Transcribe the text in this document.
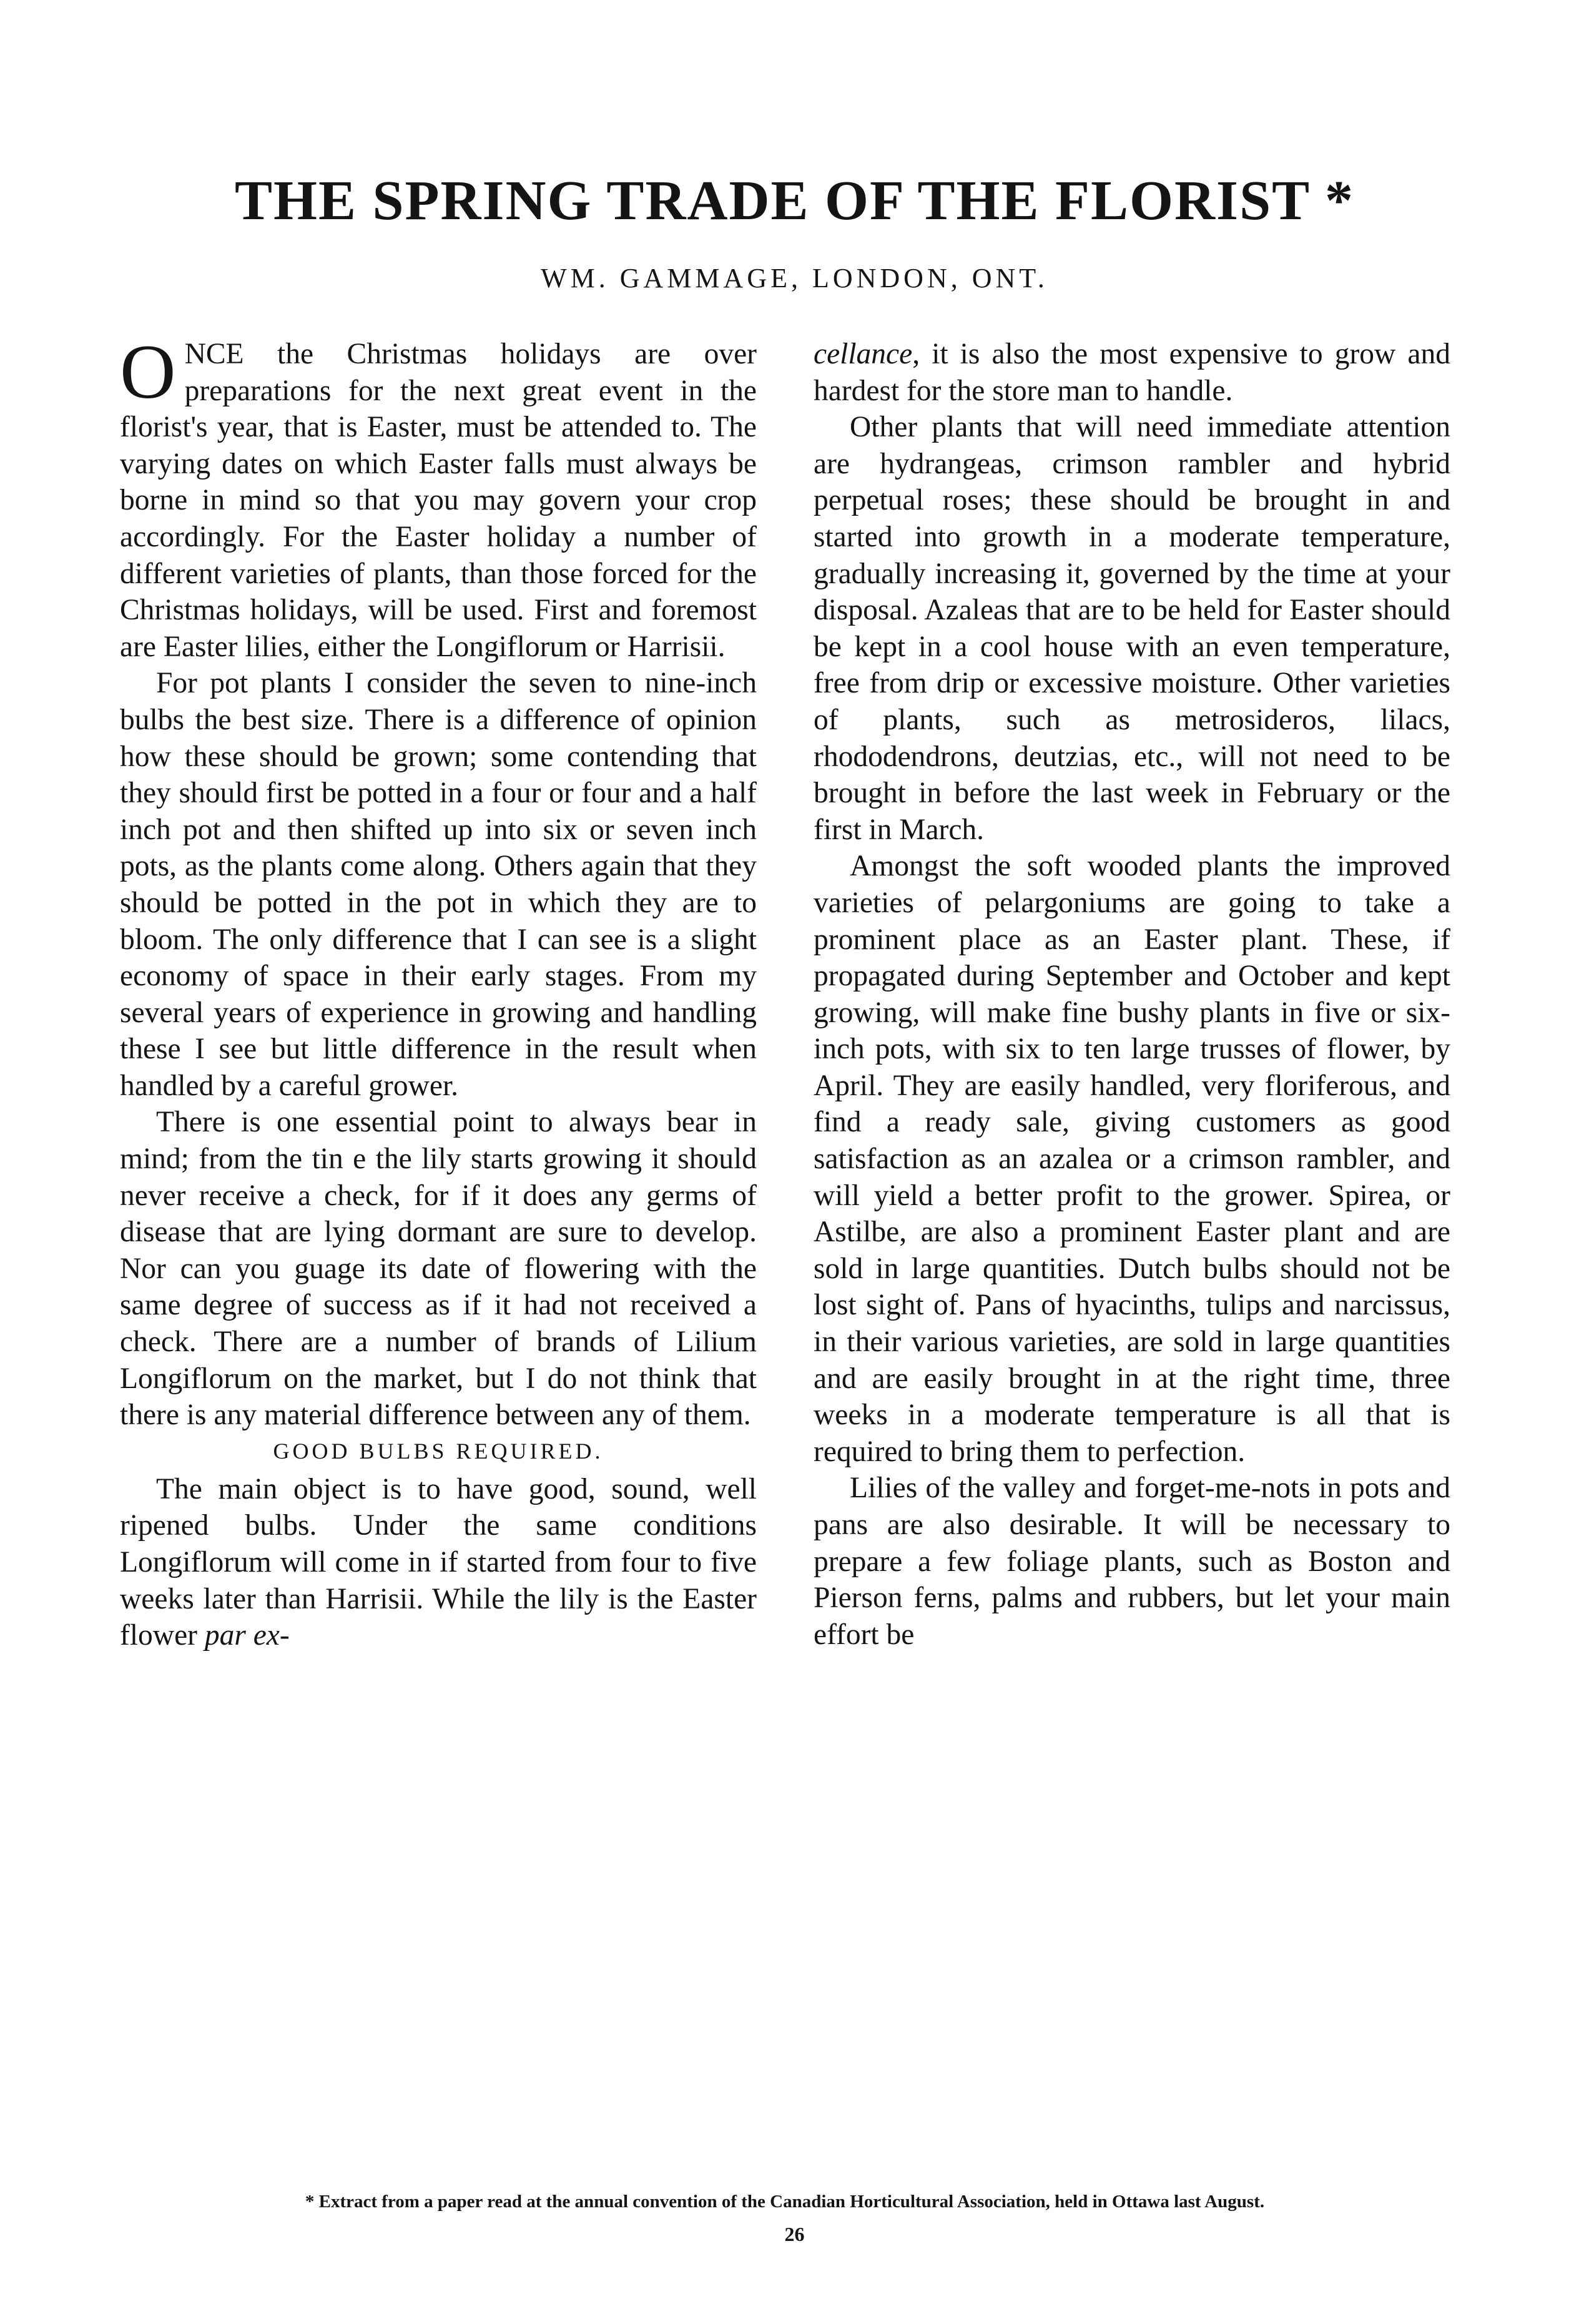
THE SPRING TRADE OF THE FLORIST *

WM. GAMMAGE, LONDON, ONT.

ONCE the Christmas holidays are over preparations for the next great event in the florist's year, that is Easter, must be attended to. The varying dates on which Easter falls must always be borne in mind so that you may govern your crop accordingly. For the Easter holiday a number of different varieties of plants, than those forced for the Christmas holidays, will be used. First and foremost are Easter lilies, either the Longiflorum or Harrisii.

For pot plants I consider the seven to nine-inch bulbs the best size. There is a difference of opinion how these should be grown; some contending that they should first be potted in a four or four and a half inch pot and then shifted up into six or seven inch pots, as the plants come along. Others again that they should be potted in the pot in which they are to bloom. The only difference that I can see is a slight economy of space in their early stages. From my several years of experience in growing and handling these I see but little difference in the result when handled by a careful grower.

There is one essential point to always bear in mind; from the tin e the lily starts growing it should never receive a check, for if it does any germs of disease that are lying dormant are sure to develop. Nor can you guage its date of flowering with the same degree of success as if it had not received a check. There are a number of brands of Lilium Longiflorum on the market, but I do not think that there is any material difference between any of them.

GOOD BULBS REQUIRED.

The main object is to have good, sound, well ripened bulbs. Under the same conditions Longiflorum will come in if started from four to five weeks later than Harrisii. While the lily is the Easter flower par ex-

cellance, it is also the most expensive to grow and hardest for the store man to handle.

Other plants that will need immediate attention are hydrangeas, crimson rambler and hybrid perpetual roses; these should be brought in and started into growth in a moderate temperature, gradually increasing it, governed by the time at your disposal. Azaleas that are to be held for Easter should be kept in a cool house with an even temperature, free from drip or excessive moisture. Other varieties of plants, such as metrosideros, lilacs, rhododendrons, deutzias, etc., will not need to be brought in before the last week in February or the first in March.

Amongst the soft wooded plants the improved varieties of pelargoniums are going to take a prominent place as an Easter plant. These, if propagated during September and October and kept growing, will make fine bushy plants in five or six-inch pots, with six to ten large trusses of flower, by April. They are easily handled, very floriferous, and find a ready sale, giving customers as good satisfaction as an azalea or a crimson rambler, and will yield a better profit to the grower. Spirea, or Astilbe, are also a prominent Easter plant and are sold in large quantities. Dutch bulbs should not be lost sight of. Pans of hyacinths, tulips and narcissus, in their various varieties, are sold in large quantities and are easily brought in at the right time, three weeks in a moderate temperature is all that is required to bring them to perfection.

Lilies of the valley and forget-me-nots in pots and pans are also desirable. It will be necessary to prepare a few foliage plants, such as Boston and Pierson ferns, palms and rubbers, but let your main effort be

* Extract from a paper read at the annual convention of the Canadian Horticultural Association, held in Ottawa last August.

26
